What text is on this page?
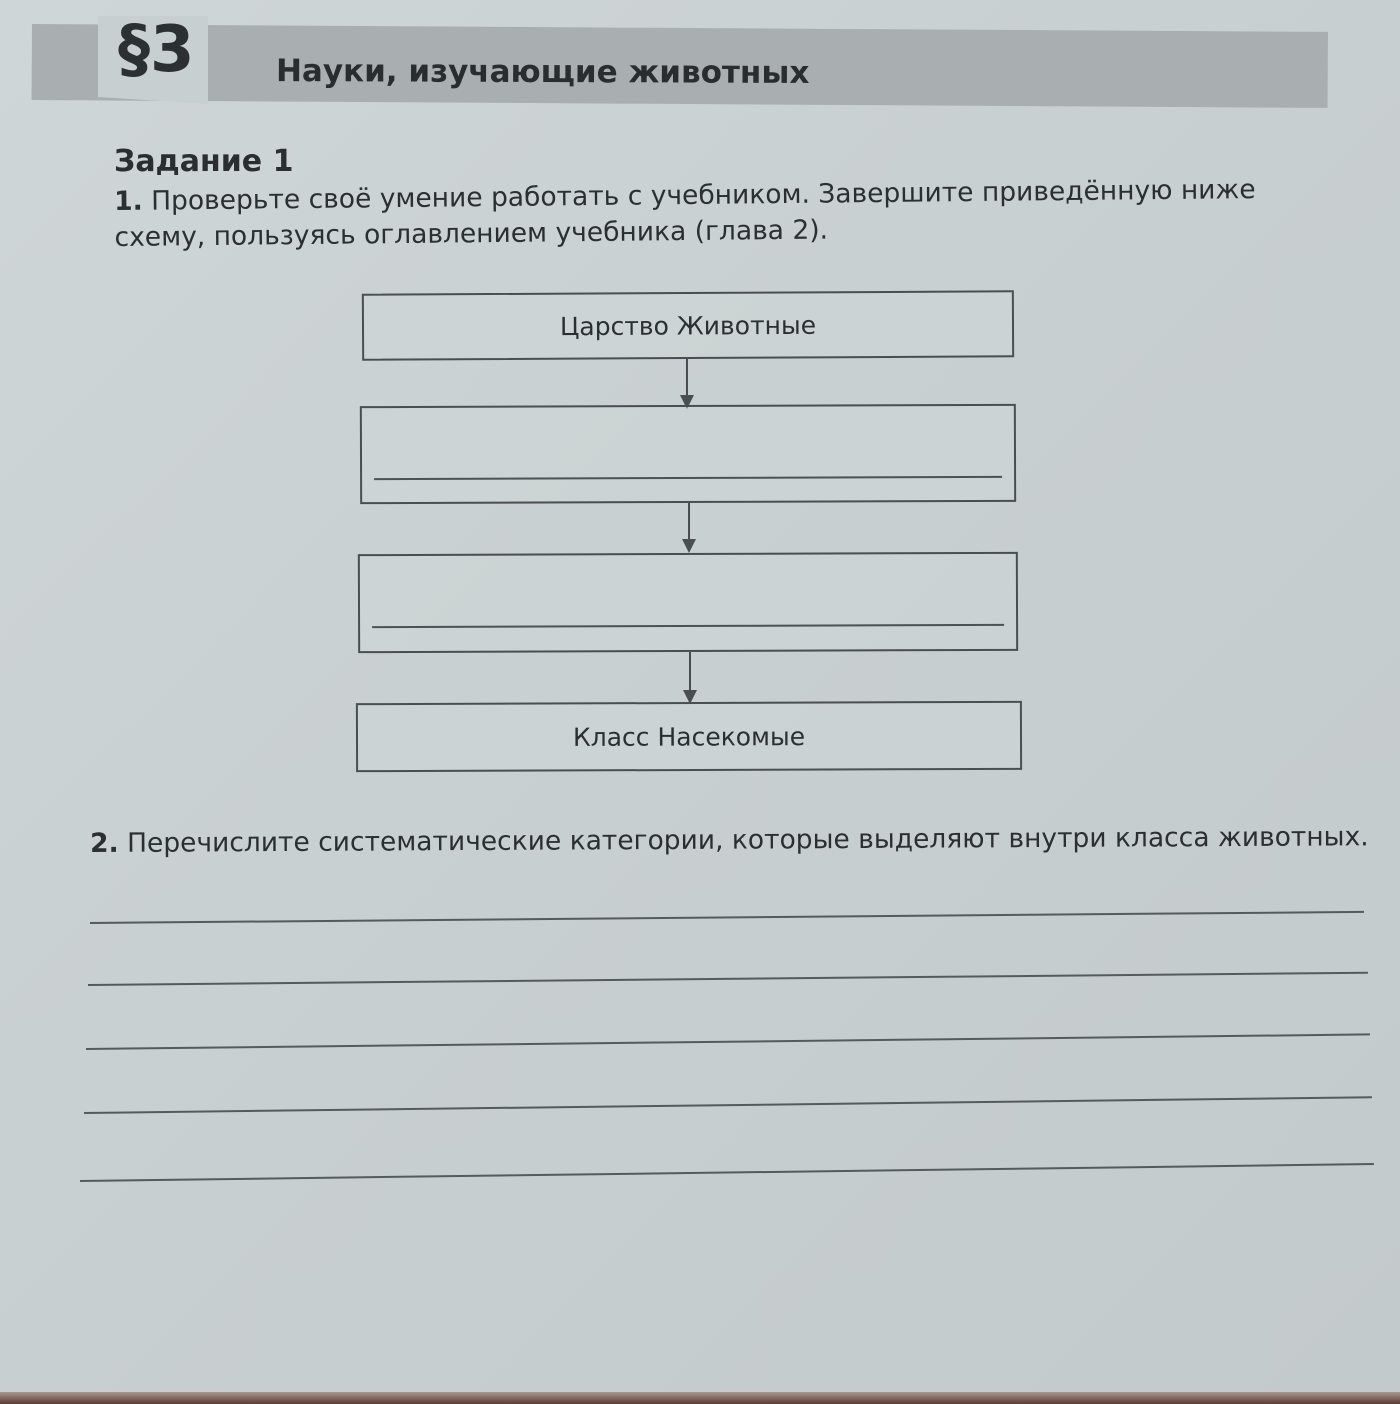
§3	Науки, изучающие животных
Задание 1
1. Проверьте своё умение работать с учебником. Завершите приведённую ниже схему, пользуясь оглавлением учебника (глава 2).
Царство Животные
Класс Насекомые
2. Перечислите систематические категории, которые выделяют внутри класса животных.
